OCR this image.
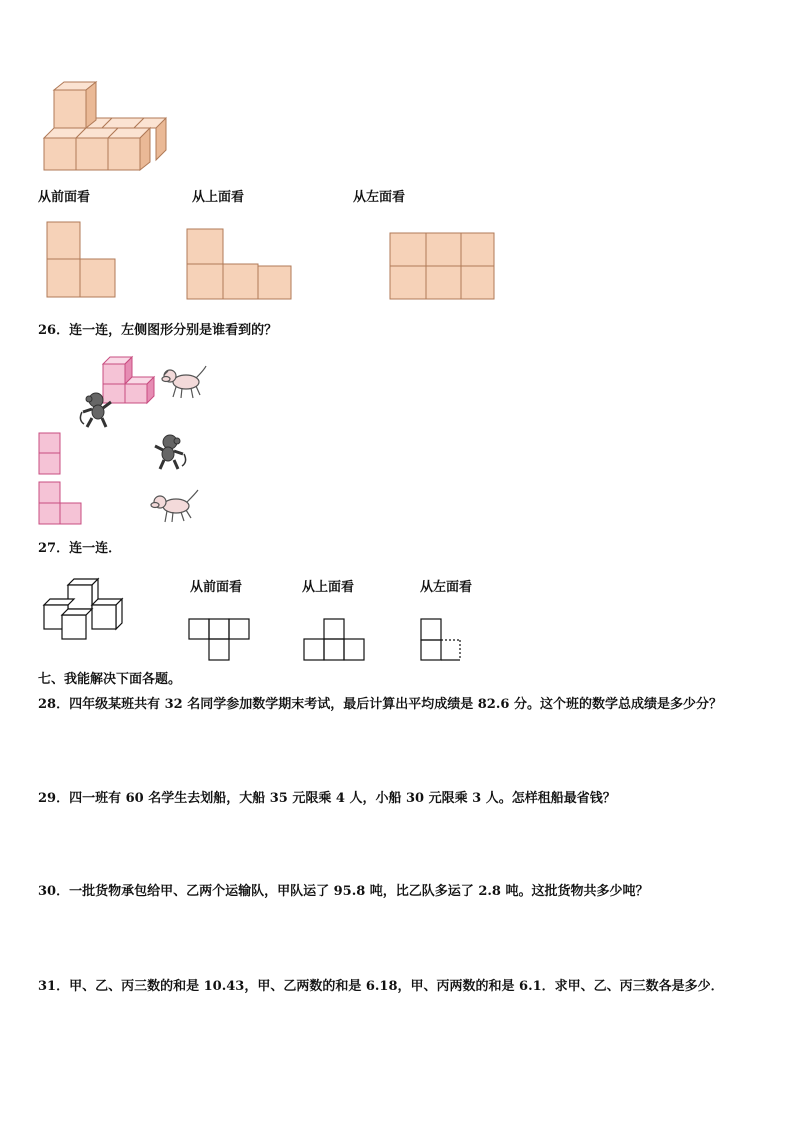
从前面看	从上面看	从左面看
26．连一连，左侧图形分别是谁看到的？
27．连一连．
从前面看	从上面看	从左面看
七、我能解决下面各题。
28．四年级某班共有 32 名同学参加数学期末考试，最后计算出平均成绩是 82.6 分。这个班的数学总成绩是多少分？
29．四一班有 60 名学生去划船，大船 35 元限乘 4 人，小船 30 元限乘 3 人。怎样租船最省钱？
30．一批货物承包给甲、乙两个运输队，甲队运了 95.8 吨，比乙队多运了 2.8 吨。这批货物共多少吨？
31．甲、乙、丙三数的和是 10.43，甲、乙两数的和是 6.18，甲、丙两数的和是 6.1．求甲、乙、丙三数各是多少．
